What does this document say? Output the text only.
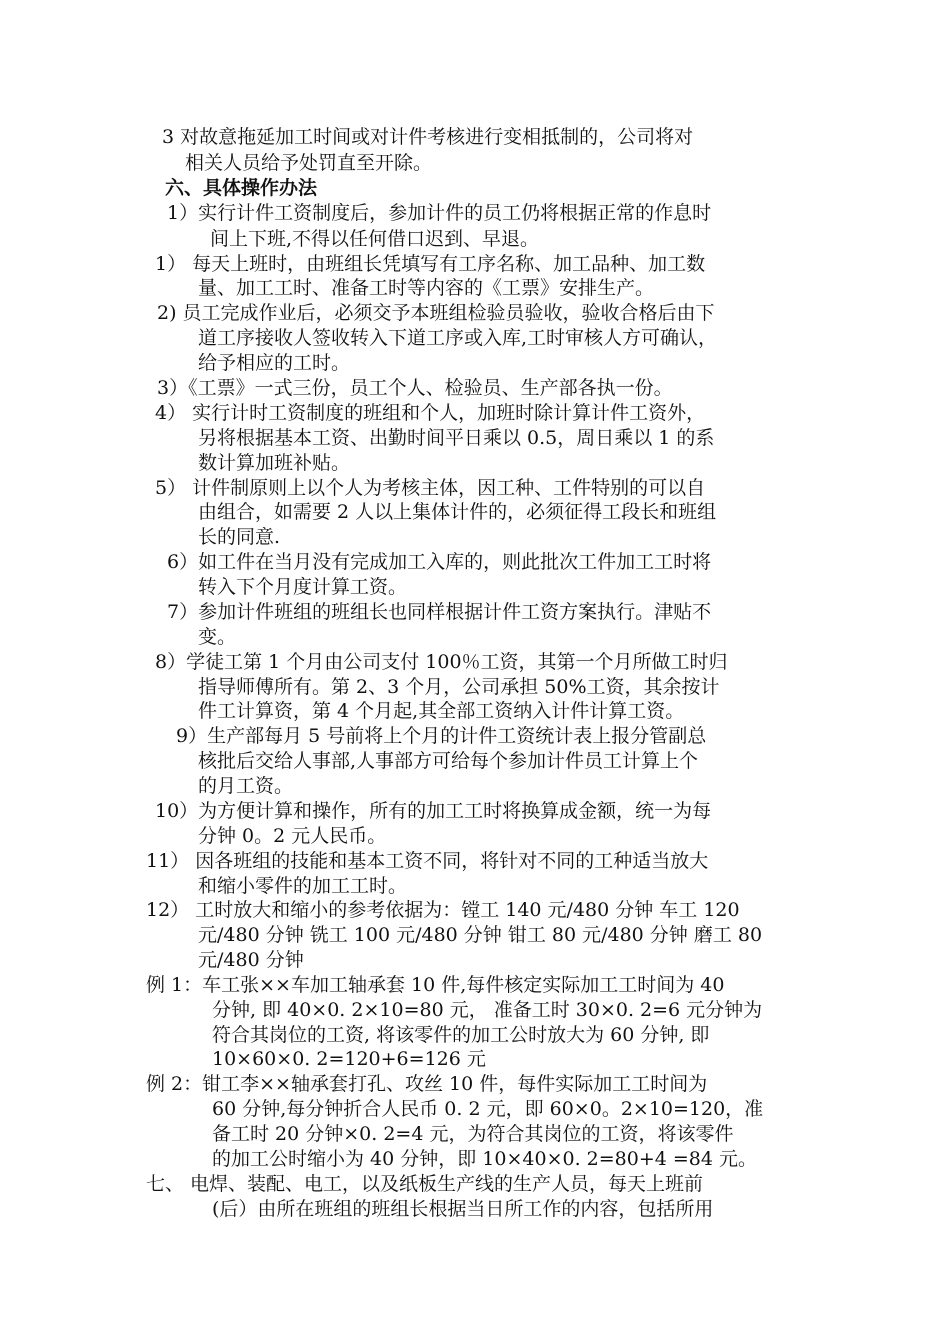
3 对故意拖延加工时间或对计件考核进行变相抵制的，公司将对
相关人员给予处罚直至开除。
六、具体操作办法
1）实行计件工资制度后，参加计件的员工仍将根据正常的作息时
间上下班,不得以任何借口迟到、早退。
1） 每天上班时，由班组长凭填写有工序名称、加工品种、加工数
量、加工工时、准备工时等内容的《工票》安排生产。
2) 员工完成作业后，必须交予本班组检验员验收，验收合格后由下
道工序接收人签收转入下道工序或入库,工时审核人方可确认，
给予相应的工时。
3）《工票》一式三份，员工个人、检验员、生产部各执一份。
4） 实行计时工资制度的班组和个人，加班时除计算计件工资外，
另将根据基本工资、出勤时间平日乘以 0.5，周日乘以 1 的系
数计算加班补贴。
5） 计件制原则上以个人为考核主体，因工种、工件特别的可以自
由组合，如需要 2 人以上集体计件的，必须征得工段长和班组
长的同意.
6）如工件在当月没有完成加工入库的，则此批次工件加工工时将
转入下个月度计算工资。
7）参加计件班组的班组长也同样根据计件工资方案执行。津贴不
变。
8）学徒工第 1 个月由公司支付 100％工资，其第一个月所做工时归
指导师傅所有。第 2、3 个月，公司承担 50%工资，其余按计
件工计算资，第 4 个月起,其全部工资纳入计件计算工资。
9）生产部每月 5 号前将上个月的计件工资统计表上报分管副总
核批后交给人事部,人事部方可给每个参加计件员工计算上个
的月工资。
10）为方便计算和操作，所有的加工工时将换算成金额，统一为每
分钟 0。2 元人民币。
11） 因各班组的技能和基本工资不同，将针对不同的工种适当放大
和缩小零件的加工工时。
12） 工时放大和缩小的参考依据为：镗工 140 元/480 分钟 车工 120
元/480 分钟 铣工 100 元/480 分钟 钳工 80 元/480 分钟 磨工 80
元/480 分钟
例 1：车工张××车加工轴承套 10 件,每件核定实际加工工时间为 40
分钟, 即 40×0. 2×10=80 元， 准备工时 30×0. 2=6 元分钟为
符合其岗位的工资, 将该零件的加工公时放大为 60 分钟, 即
10×60×0. 2=120+6=126 元
例 2：钳工李××轴承套打孔、攻丝 10 件，每件实际加工工时间为
60 分钟,每分钟折合人民币 0. 2 元，即 60×0。2×10=120，准
备工时 20 分钟×0. 2=4 元，为符合其岗位的工资，将该零件
的加工公时缩小为 40 分钟，即 10×40×0. 2=80+4 =84 元。
七、 电焊、装配、电工，以及纸板生产线的生产人员，每天上班前
(后）由所在班组的班组长根据当日所工作的内容，包括所用
